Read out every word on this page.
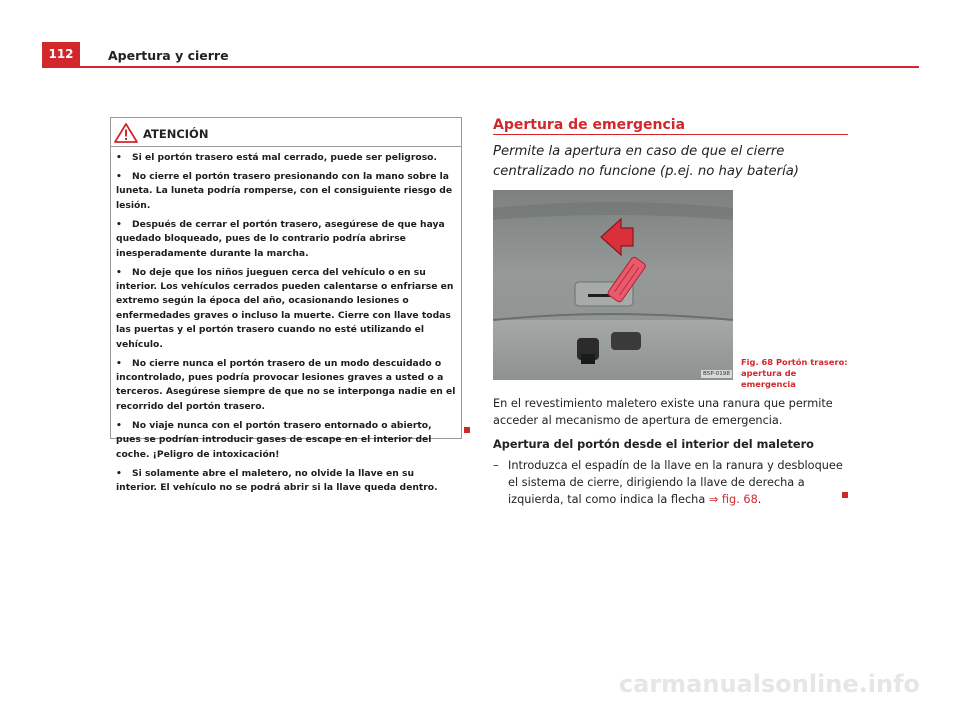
112	Apertura y cierre
ATENCIÓN

• Si el portón trasero está mal cerrado, puede ser peligroso.

• No cierre el portón trasero presionando con la mano sobre la luneta. La luneta podría romperse, con el consiguiente riesgo de lesión.

• Después de cerrar el portón trasero, asegúrese de que haya quedado bloqueado, pues de lo contrario podría abrirse inesperadamente durante la marcha.

• No deje que los niños jueguen cerca del vehículo o en su interior. Los vehículos cerrados pueden calentarse o enfriarse en extremo según la época del año, ocasionando lesiones o enfermedades graves o incluso la muerte. Cierre con llave todas las puertas y el portón trasero cuando no esté utilizando el vehículo.

• No cierre nunca el portón trasero de un modo descuidado o incontrolado, pues podría provocar lesiones graves a usted o a terceros. Asegúrese siempre de que no se interponga nadie en el recorrido del portón trasero.

• No viaje nunca con el portón trasero entornado o abierto, pues se podrían introducir gases de escape en el interior del coche. ¡Peligro de intoxicación!

• Si solamente abre el maletero, no olvide la llave en su interior. El vehículo no se podrá abrir si la llave queda dentro.

Apertura de emergencia
Permite la apertura en caso de que el cierre centralizado no funcione (p.ej. no hay batería)
B5P-0198
Fig. 68 Portón trasero: apertura de emergencia
En el revestimiento maletero existe una ranura que permite acceder al mecanismo de apertura de emergencia.
Apertura del portón desde el interior del maletero
– Introduzca el espadín de la llave en la ranura y desbloquee el sistema de cierre, dirigiendo la llave de derecha a izquierda, tal como indica la flecha ⇒ fig. 68.
carmanualsonline.info
